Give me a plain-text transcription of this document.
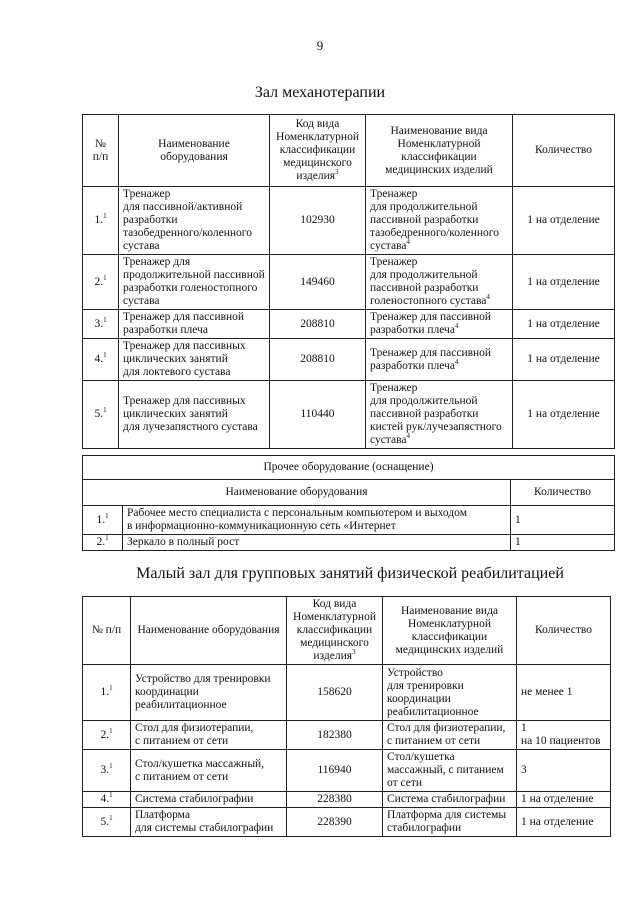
9
Зал механотерапии
№
п/п	Наименование оборудования	Код вида
Номенклатурной
классификации
медицинского
изделия$^3$	Наименование вида
Номенклатурной
классификации
медицинских изделий	Количество
1.$^1$	Тренажер
для пассивной/активной
разработки
тазобедренного/коленного
сустава	102930	Тренажер
для продолжительной
пассивной разработки
тазобедренного/коленного
сустава$^4$	1 на отделение
2.$^1$	Тренажер для
продолжительной пассивной
разработки голеностопного
сустава	149460	Тренажер
для продолжительной
пассивной разработки
голеностопного сустава$^4$	1 на отделение
3.$^1$	Тренажер для пассивной
разработки плеча	208810	Тренажер для пассивной
разработки плеча$^4$	1 на отделение
4.$^1$	Тренажер для пассивных
циклических занятий
для локтевого сустава	208810	Тренажер для пассивной
разработки плеча$^4$	1 на отделение
5.$^1$	Тренажер для пассивных
циклических занятий
для лучезапястного сустава	110440	Тренажер
для продолжительной
пассивной разработки
кистей рук/лучезапястного
сустава$^4$	1 на отделение
Прочее оборудование (оснащение)		
Наименование оборудования		Количество
1.$^1$	Рабочее место специалиста с персональным компьютером и выходом
в информационно-коммуникационную сеть «Интернет	1
2.$^1$	Зеркало в полный рост	1
Малый зал для групповых занятий физической реабилитацией
№ п/п	Наименование оборудования	Код вида
Номенклатурной
классификации
медицинского
изделия$^3$	Наименование вида
Номенклатурной
классификации
медицинских изделий	Количество
1.$^1$	Устройство для тренировки
координации
реабилитационное	158620	Устройство
для тренировки
координации
реабилитационное	не менее 1
2.$^1$	Стол для физиотерапии,
с питанием от сети	182380	Стол для физиотерапии,
с питанием от сети	1
на 10 пациентов
3.$^1$	Стол/кушетка массажный,
с питанием от сети	116940	Стол/кушетка
массажный, с питанием
от сети	3
4.$^1$	Система стабилографии	228380	Система стабилографии	1 на отделение
5.$^1$	Платформа
для системы стабилографии	228390	Платформа для системы
стабилографии	1 на отделение
